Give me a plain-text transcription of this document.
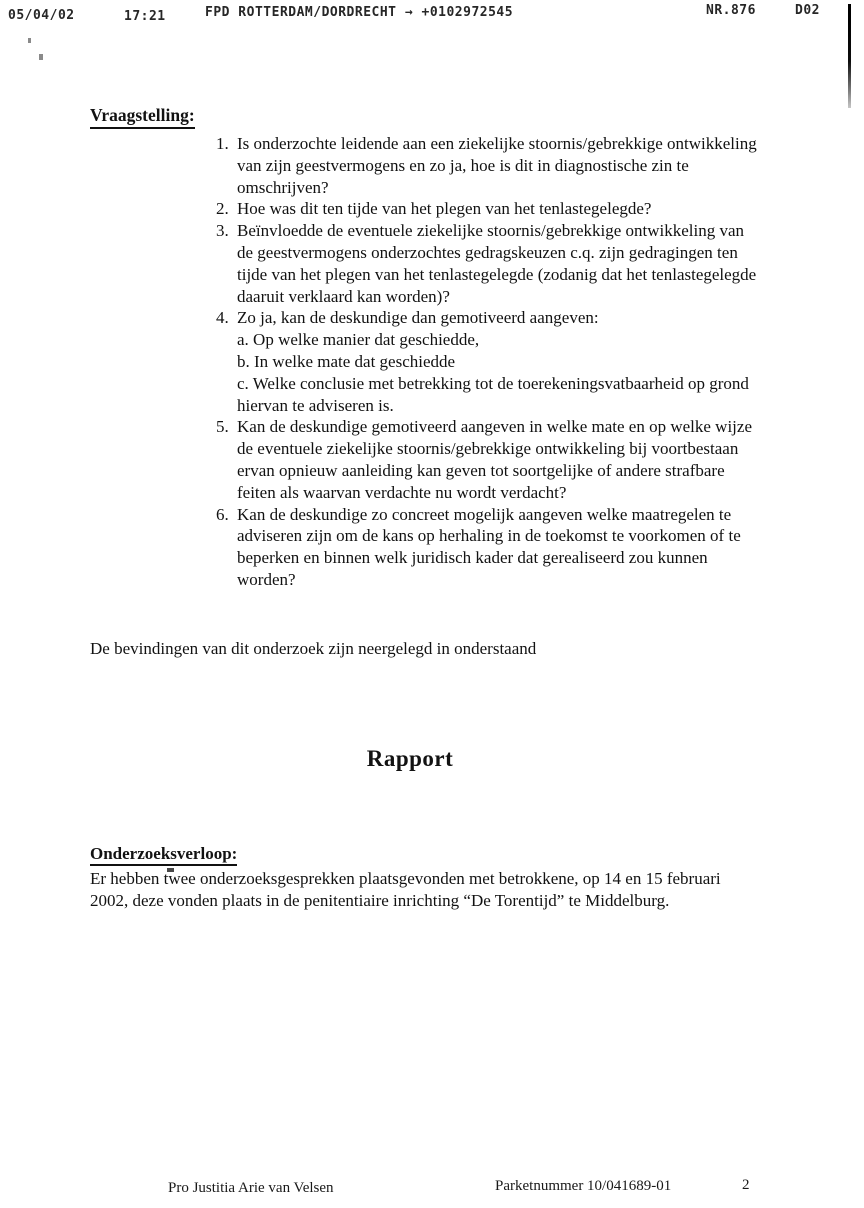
05/04/02	17:21	FPD ROTTERDAM/DORDRECHT → +0102972545	NR.876	D02
Vraagstelling:
1. Is onderzochte leidende aan een ziekelijke stoornis/gebrekkige ontwikkeling van zijn geestvermogens en zo ja, hoe is dit in diagnostische zin te omschrijven?
2. Hoe was dit ten tijde van het plegen van het tenlastegelegde?
3. Beïnvloedde de eventuele ziekelijke stoornis/gebrekkige ontwikkeling van de geestvermogens onderzochtes gedragskeuzen c.q. zijn gedragingen ten tijde van het plegen van het tenlastegelegde (zodanig dat het tenlastegelegde daaruit verklaard kan worden)?
4. Zo ja, kan de deskundige dan gemotiveerd aangeven:
a. Op welke manier dat geschiedde,
b. In welke mate dat geschiedde
c. Welke conclusie met betrekking tot de toerekeningsvatbaarheid op grond hiervan te adviseren is.
5. Kan de deskundige gemotiveerd aangeven in welke mate en op welke wijze de eventuele ziekelijke stoornis/gebrekkige ontwikkeling bij voortbestaan ervan opnieuw aanleiding kan geven tot soortgelijke of andere strafbare feiten als waarvan verdachte nu wordt verdacht?
6. Kan de deskundige zo concreet mogelijk aangeven welke maatregelen te adviseren zijn om de kans op herhaling in de toekomst te voorkomen of te beperken en binnen welk juridisch kader dat gerealiseerd zou kunnen worden?

De bevindingen van dit onderzoek zijn neergelegd in onderstaand

Rapport
Onderzoeksverloop:

Er hebben twee onderzoeksgesprekken plaatsgevonden met betrokkene, op 14 en 15 februari 2002, deze vonden plaats in de penitentiaire inrichting “De Torentijd” te Middelburg.

Pro Justitia Arie van Velsen	Parketnummer 10/041689-01	2
